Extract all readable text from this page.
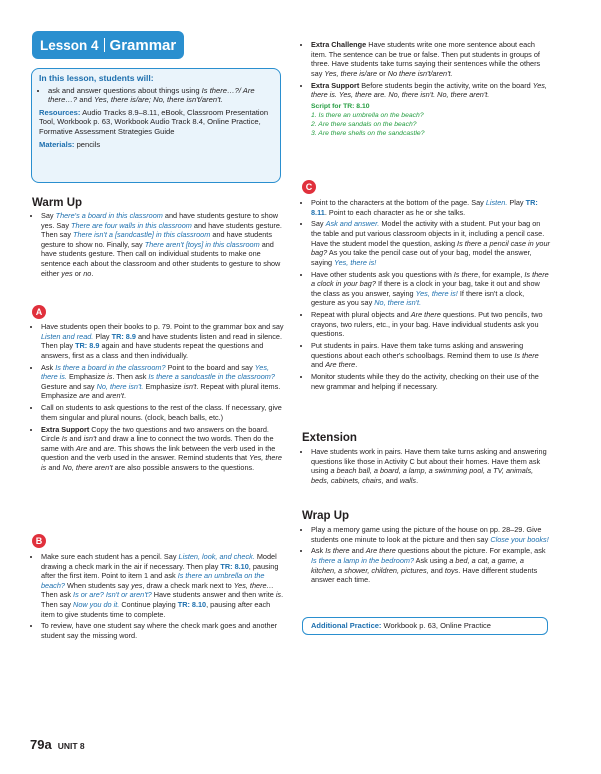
Lesson 4 Grammar
In this lesson, students will:
• ask and answer questions about things using Is there…?/ Are there…? and Yes, there is/are; No, there isn't/aren't.
Resources: Audio Tracks 8.9–8.11, eBook, Classroom Presentation Tool, Workbook p. 63, Workbook Audio Track 8.4, Online Practice, Formative Assessment Strategies Guide
Materials: pencils
Warm Up
• Say There's a board in this classroom and have students gesture to show yes. Say There are four walls in this classroom and have students gesture. Then say There isn't a [sandcastle] in this classroom and have students gesture to show no. Finally, say There aren't [toys] in this classroom and have students gesture. Then call on individual students to make one sentence each about the classroom and other students to gesture to show either yes or no.
A
• Have students open their books to p. 79. Point to the grammar box and say Listen and read. Play TR: 8.9 and have students listen and read in silence. Then play TR: 8.9 again and have students repeat the questions and answers, first as a class and then individually.
• Ask Is there a board in the classroom? Point to the board and say Yes, there is. Emphasize is. Then ask Is there a sandcastle in the classroom? Gesture and say No, there isn't. Emphasize isn't. Repeat with plural items. Emphasize are and aren't.
• Call on students to ask questions to the rest of the class. If necessary, give them singular and plural nouns. (clock, beach balls, etc.)
• Extra Support Copy the two questions and two answers on the board. Circle Is and isn't and draw a line to connect the two words. Then do the same with Are and are. This shows the link between the verb used in the question and the verb used in the answer. Remind students that Yes, there is and No, there aren't are also possible answers to the questions.
B
• Make sure each student has a pencil. Say Listen, look, and check. Model drawing a check mark in the air if necessary. Then play TR: 8.10, pausing after the first item. Point to item 1 and ask Is there an umbrella on the beach? When students say yes, draw a check mark next to Yes, there… Then ask Is or are? Isn't or aren't? Have students answer and then write is. Then say Now you do it. Continue playing TR: 8.10, pausing after each item to give students time to complete.
• To review, have one student say where the check mark goes and another student say the missing word.
• Extra Challenge Have students write one more sentence about each item. The sentence can be true or false. Then put students in groups of three. Have students take turns saying their sentences while the others say Yes, there is/are or No there isn't/aren't.
• Extra Support Before students begin the activity, write on the board Yes, there is. Yes, there are. No, there isn't. No, there aren't.
Script for TR: 8.10
1. Is there an umbrella on the beach?
2. Are there sandals on the beach?
3. Are there shells on the sandcastle?
C
• Point to the characters at the bottom of the page. Say Listen. Play TR: 8.11. Point to each character as he or she talks.
• Say Ask and answer. Model the activity with a student. Put your bag on the table and put various classroom objects in it, including a pencil case. Have the student model the question, asking Is there a pencil case in your bag? As you take the pencil case out of your bag, model the answer, saying Yes, there is!
• Have other students ask you questions with Is there, for example, Is there a clock in your bag? If there is a clock in your bag, take it out and show the class as you answer, saying Yes, there is! If there isn't a clock, gesture as you say No, there isn't.
• Repeat with plural objects and Are there questions. Put two pencils, two crayons, two rulers, etc., in your bag. Have individual students ask you questions.
• Put students in pairs. Have them take turns asking and answering questions about each other's schoolbags. Remind them to use Is there and Are there.
• Monitor students while they do the activity, checking on their use of the new grammar and helping if necessary.
Extension
• Have students work in pairs. Have them take turns asking and answering questions like those in Activity C but about their homes. Have them ask using a beach ball, a board, a lamp, a swimming pool, a TV, animals, beds, cabinets, chairs, and walls.
Wrap Up
• Play a memory game using the picture of the house on pp. 28–29. Give students one minute to look at the picture and then say Close your books!
• Ask Is there and Are there questions about the picture. For example, ask Is there a lamp in the bedroom? Ask using a bed, a cat, a game, a kitchen, a shower, children, pictures, and toys. Have different students answer each time.
Additional Practice: Workbook p. 63, Online Practice
79a UNIT 8
